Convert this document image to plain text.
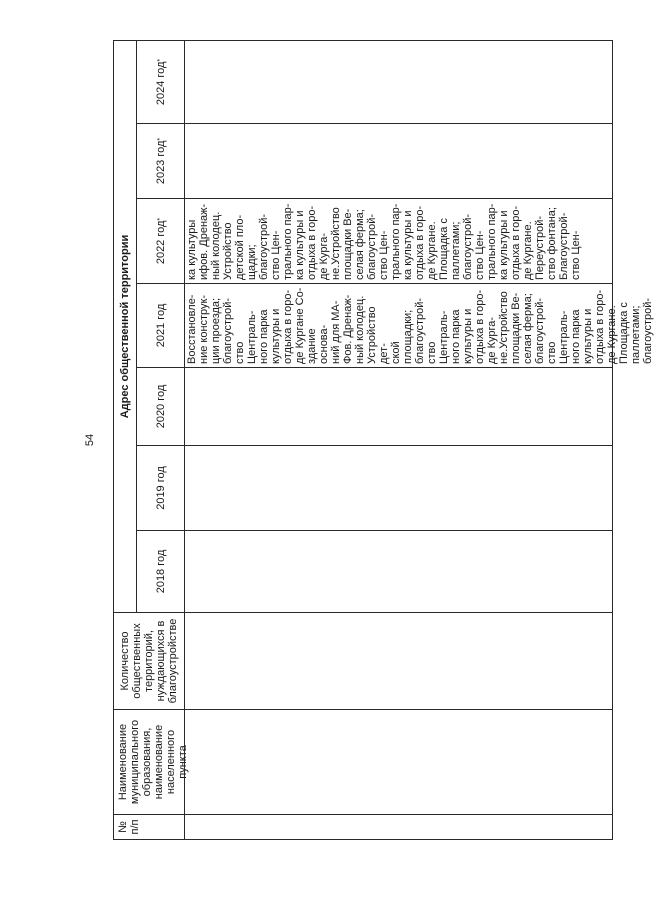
54
№ п/п
Наименование муниципального образования, наименование населенного пункта
Количество общественных территорий, нуждающихся в благоустройстве
Адрес общественной территории
2018 год
2019 год
2020 год
2021 год
2022 год
*
2023 год
*
2024 год
*
Восстановле-
ние конструк-
ции проезда;
благоустрой-
ство Централь-
ного парка
культуры и
отдыха в горо-
де Кургане Со-
здание основа-
ний для МА-
Фов. Дренаж-
ный колодец.
Устройство дет-
ской площадки;
благоустрой-
ство Централь-
ного парка
культуры и
отдыха в горо-
де Курга-
не.Устройство
площадки Ве-
селая ферма;
благоустрой-
ство Централь-
ного парка
культуры и
отдыха в горо-
де Кургане.
Площадка с
паллетами;
благоустрой-
ка культуры
ифов. Дренаж-
ный колодец.
Устройство
детской пло-
щадки;
благоустрой-
ство Цен-
трального пар-
ка культуры и
отдыха в горо-
де Курга-
не.Устройство
площадки Ве-
селая ферма;
благоустрой-
ство Цен-
трального пар-
ка культуры и
отдыха в горо-
де Кургане.
Площадка с
паллетами;
благоустрой-
ство Цен-
трального пар-
ка культуры и
отдыха в горо-
де Кургане.
Переустрой-
ство фонтана;
Благоустрой-
ство Цен-
